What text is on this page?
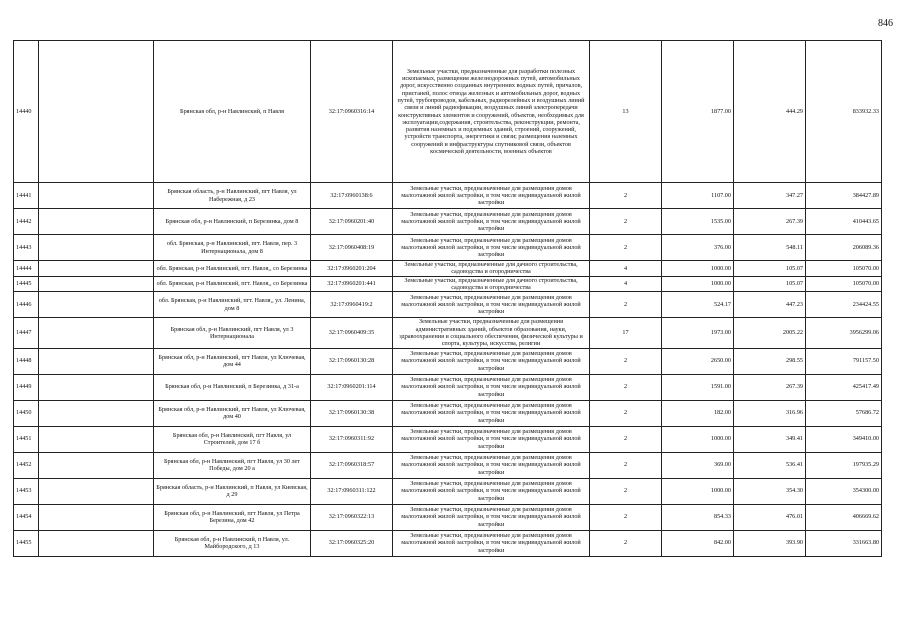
846
14440		Брянская обл, р-н Навлинский, п Навля	32:17:0960316:14	Земельные участки, предназначенные для разработки полезных ископаемых, размещения железнодорожных путей, автомобильных дорог, искусственно созданных внутренних водных путей, причалов, пристаней, полос отвода железных и автомобильных дорог, водных путей, трубопроводов, кабельных, радиорелейных и воздушных линий связи и линий радиофикации, воздушных линий электропередачи конструктивных элементов и сооружений, объектов, необходимых для эксплуатации,содержания, строительства, реконструкции, ремонта, развития наземных и подземных зданий, строений, сооружений, устройств транспорта, энергетики и связи; размещения наземных сооружений и инфраструктуры спутниковой связи, объектов космической деятельности, военных объектов	13	1877.00	444.29	833932.33
14441		Брянская область, р-н Навлинский, пгт Навля, ул Набережная, д 23	32:17:0960138:6	Земельные участки, предназначенные для размещения домов малоэтажной жилой застройки, в том числе индивидуальной жилой застройки	2	1107.00	347.27	384427.89
14442		Брянская обл, р-н Навлинский, п Березинка, дом 8	32:17:0960201:40	Земельные участки, предназначенные для размещения домов малоэтажной жилой застройки, в том числе индивидуальной жилой застройки	2	1535.00	267.39	410443.65
14443		обл. Брянская, р-н Навлинский, пгт. Навля, пер. 3 Интернационала, дом 8	32:17:0960408:19	Земельные участки, предназначенные для размещения домов малоэтажной жилой застройки, в том числе индивидуальной жилой застройки	2	376.00	548.11	206089.36
14444		обл. Брянская, р-н Навлинский, пгт. Навля,, со Березинка	32:17:0960201:204	Земельные участки, предназначенные для дачного строительства, садоводства и огородничества	4	1000.00	105.07	105070.00
14445		обл. Брянская, р-н Навлинский, пгт. Навля,, со Березинка	32:17:0960201:441	Земельные участки, предназначенные для дачного строительства, садоводства и огородничества	4	1000.00	105.07	105070.00
14446		обл. Брянская, р-н Навлинский, пгт. Навля,, ул. Ленина, дом 8	32:17:0960419:2	Земельные участки, предназначенные для размещения домов малоэтажной жилой застройки, в том числе индивидуальной жилой застройки	2	524.17	447.23	234424.55
14447		Брянская обл, р-н Навлинский, пгт Навля, ул 3 Интернационала	32:17:0960409:35	Земельные участки, предназначенные для размещения административных зданий, объектов образования, науки, здравоохранения и социального обеспечения, физической культуры и спорта, культуры, искусства, религии	17	1973.00	2005.22	3956299.06
14448		Брянская обл, р-н Навлинский, пгт Навля, ул Ключевая, дом 44	32:17:0960130:28	Земельные участки, предназначенные для размещения домов малоэтажной жилой застройки, в том числе индивидуальной жилой застройки	2	2650.00	298.55	791157.50
14449		Брянская обл, р-н Навлинский, п Березинка, д 31-а	32:17:0960201:114	Земельные участки, предназначенные для размещения домов малоэтажной жилой застройки, в том числе индивидуальной жилой застройки	2	1591.00	267.39	425417.49
14450		Брянская обл, р-н Навлинский, пгт Навля, ул Ключевая, дом 40	32:17:0960130:38	Земельные участки, предназначенные для размещения домов малоэтажной жилой застройки, в том числе индивидуальной жилой застройки	2	182.00	316.96	57686.72
14451		Брянская обл, р-н Навлинский, пгт Навля, ул Строителей, дом 17 б	32:17:0960311:92	Земельные участки, предназначенные для размещения домов малоэтажной жилой застройки, в том числе индивидуальной жилой застройки	2	1000.00	349.41	349410.00
14452		Брянская обл, р-н Навлинский, пгт Навля, ул 30 лет Победы, дом 20 а	32:17:0960318:57	Земельные участки, предназначенные для размещения домов малоэтажной жилой застройки, в том числе индивидуальной жилой застройки	2	369.00	536.41	197935.29
14453		Брянская область, р-н Навлинский, п Навля, ул Киевская, д 29	32:17:0960311:122	Земельные участки, предназначенные для размещения домов малоэтажной жилой застройки, в том числе индивидуальной жилой застройки	2	1000.00	354.30	354300.00
14454		Брянская обл, р-н Навлинский, пгт Навля, ул Петра Березина, дом 42	32:17:0960322:13	Земельные участки, предназначенные для размещения домов малоэтажной жилой застройки, в том числе индивидуальной жилой застройки	2	854.33	476.01	406669.62
14455		Брянская обл, р-н Навлинский, п Навля, ул. Майбородского, д 13	32:17:0960325:20	Земельные участки, предназначенные для размещения домов малоэтажной жилой застройки, в том числе индивидуальной жилой застройки	2	842.00	393.90	331663.80
